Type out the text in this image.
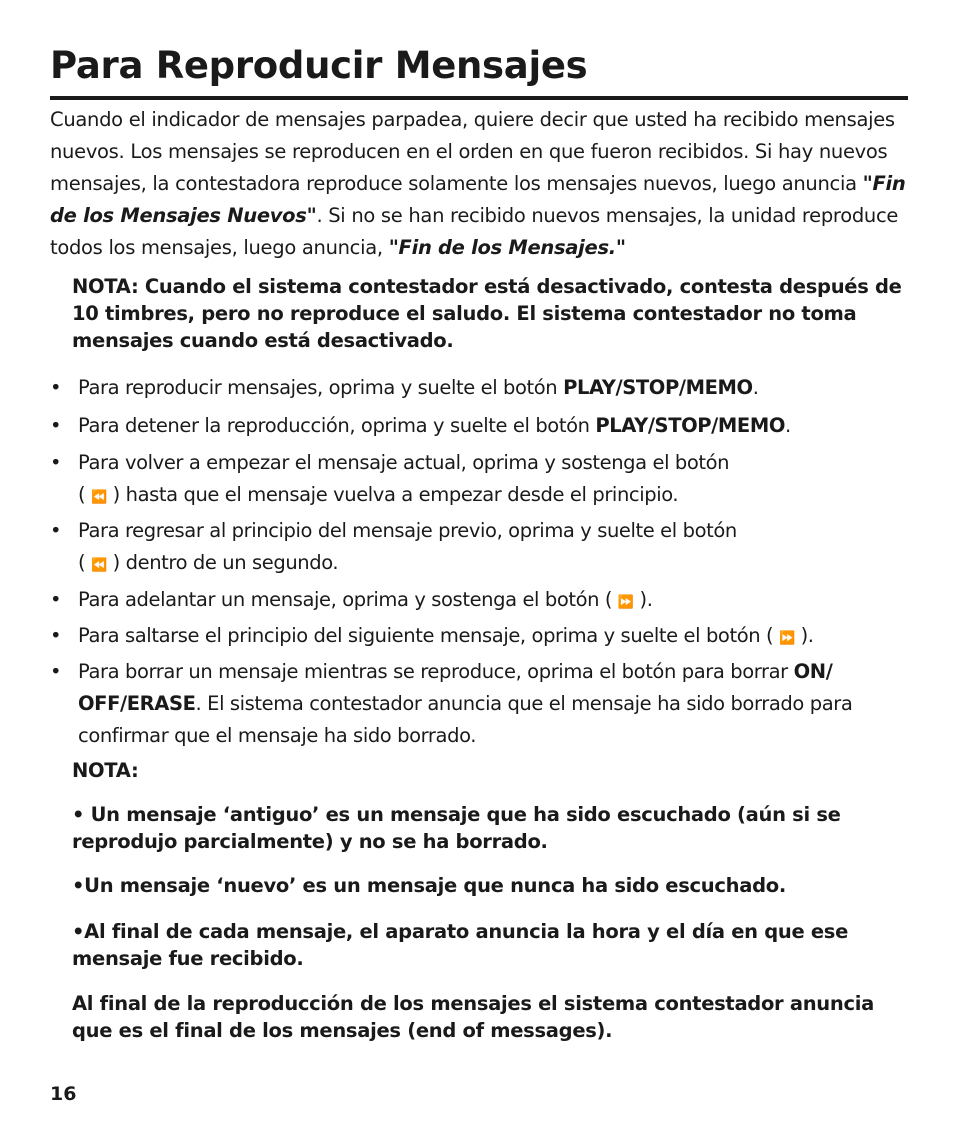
Para Reproducir Mensajes

Cuando el indicador de mensajes parpadea, quiere decir que usted ha recibido mensajes nuevos. Los mensajes se reproducen en el orden en que fueron recibidos. Si hay nuevos mensajes, la contestadora reproduce solamente los mensajes nuevos, luego anuncia "Fin de los Mensajes Nuevos". Si no se han recibido nuevos mensajes, la unidad reproduce todos los mensajes, luego anuncia, "Fin de los Mensajes."

NOTA: Cuando el sistema contestador está desactivado, contesta después de 10 timbres, pero no reproduce el saludo. El sistema contestador no toma mensajes cuando está desactivado.

• Para reproducir mensajes, oprima y suelte el botón PLAY/STOP/MEMO.
• Para detener la reproducción, oprima y suelte el botón PLAY/STOP/MEMO.
• Para volver a empezar el mensaje actual, oprima y sostenga el botón
( ⏪ ) hasta que el mensaje vuelva a empezar desde el principio.
• Para regresar al principio del mensaje previo, oprima y suelte el botón
( ⏪ ) dentro de un segundo.
• Para adelantar un mensaje, oprima y sostenga el botón ( ⏩ ).
• Para saltarse el principio del siguiente mensaje, oprima y suelte el botón ( ⏩ ).
• Para borrar un mensaje mientras se reproduce, oprima el botón para borrar ON/
OFF/ERASE. El sistema contestador anuncia que el mensaje ha sido borrado para confirmar que el mensaje ha sido borrado.
NOTA:
• Un mensaje ‘antiguo’ es un mensaje que ha sido escuchado (aún si se reprodujo parcialmente) y no se ha borrado.
•Un mensaje ‘nuevo’ es un mensaje que nunca ha sido escuchado.
•Al final de cada mensaje, el aparato anuncia la hora y el día en que ese mensaje fue recibido.
Al final de la reproducción de los mensajes el sistema contestador anuncia que es el final de los mensajes (end of messages).
16
